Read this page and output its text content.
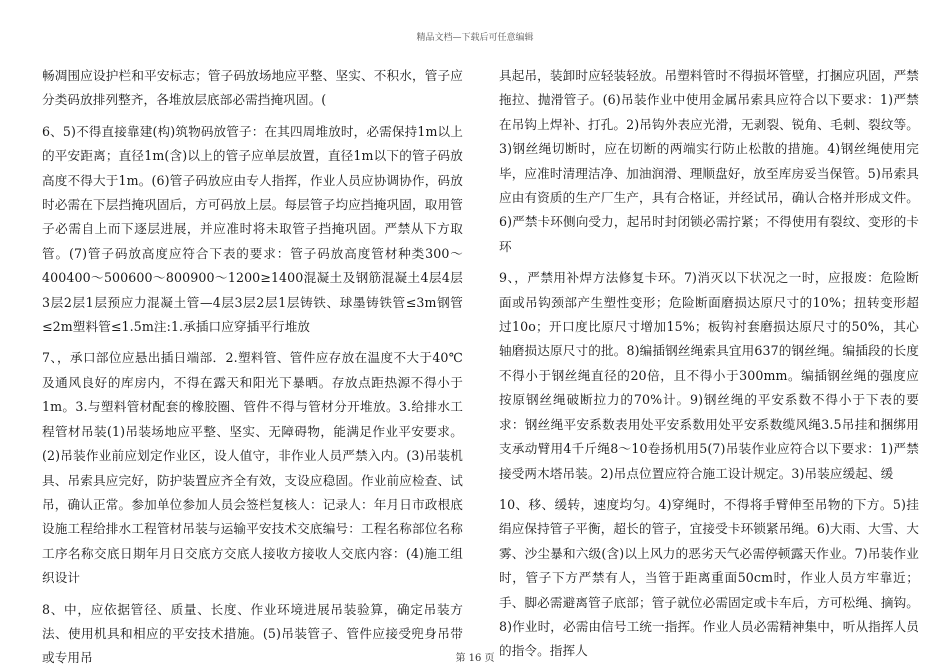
精品文档—下载后可任意编辑

畅凋围应设护栏和平安标志；管子码放场地应平整、坚实、不积水，管子应分类码放排列整齐，各堆放层底部必需挡掩巩固。(

6、5)不得直接靠建(构)筑物码放管子：在其四周堆放时，必需保持1m以上的平安距离；直径1m(含)以上的管子应单层放置，直径1m以下的管子码放高度不得大于1m。(6)管子码放应由专人指挥，作业人员应协调协作，码放时必需在下层挡掩巩固后，方可码放上层。每层管子均应挡掩巩固，取用管子必需自上而下逐层进展，并应准时将未取管子挡掩巩固。严禁从下方取管。(7)管子码放高度应符合下表的要求：管子码放高度管材种类300～400400～500600～800900～1200≥1400混凝土及钢筋混凝土4层4层3层2层1层预应力混凝土管—4层3层2层1层铸铁、球墨铸铁管≤3m钢管≤2m塑料管≤1.5m注:1.承插口应穿插平行堆放

7、，承口部位应悬出插日端部．2.塑料管、管件应存放在温度不大于40℃及通风良好的库房内，不得在露天和阳光下暴晒。存放点距热源不得小于1m。3.与塑料管材配套的橡胶圈、管件不得与管材分开堆放。3.给排水工程管材吊装(1)吊装场地应平整、坚实、无障碍物，能满足作业平安要求。(2)吊装作业前应划定作业区，设人值守，非作业人员严禁入内。(3)吊装机具、吊索具应完好，防护装置应齐全有效，支设应稳固。作业前应检查、试吊，确认正常。参加单位参加人员会签栏复核人：记录人：年月日市政根底设施工程给排水工程管材吊装与运输平安技术交底编号：工程名称部位名称工序名称交底日期年月日交底方交底人接收方接收人交底内容：(4)施工组织设计

8、中，应依据管径、质量、长度、作业环境进展吊装验算，确定吊装方法、使用机具和相应的平安技术措施。(5)吊装管子、管件应接受兜身吊带或专用吊

具起吊，装卸时应轻装轻放。吊塑料管时不得损坏管壁，打捆应巩固，严禁拖拉、抛滑管子。(6)吊装作业中使用金属吊索具应符合以下要求：1)严禁在吊钩上焊补、打孔。2)吊钩外表应光滑，无剥裂、锐角、毛刺、裂纹等。3)钢丝绳切断时，应在切断的两端实行防止松散的措施。4)钢丝绳使用完毕，应准时清理洁净、加油润滑、理顺盘好，放至库房妥当保管。5)吊索具应由有资质的生产厂生产，具有合格证，并经试吊，确认合格并形成文件。6)严禁卡环侧向受力，起吊时封闭锁必需拧紧；不得使用有裂纹、变形的卡环

9、，严禁用补焊方法修复卡环。7)消灭以下状况之一时，应报废：危险断面或吊钩颈部产生塑性变形；危险断面磨损达原尺寸的10%；扭转变形超过10o；开口度比原尺寸增加15%；板钩衬套磨损达原尺寸的50%，其心轴磨损达原尺寸的批。8)编插钢丝绳索具宜用637的钢丝绳。编插段的长度不得小于钢丝绳直径的20倍，且不得小于300mm。编插钢丝绳的强度应按原钢丝绳破断拉力的70%计。9)钢丝绳的平安系数不得小于下表的要求：钢丝绳平安系数表用处平安系数用处平安系数缆风绳3.5吊挂和捆绑用支承动臂用4千斤绳8～10卷扬机用5(7)吊装作业应符合以下要求：1)严禁接受两木塔吊装。2)吊点位置应符合施工设计规定。3)吊装应缓起、缓

10、移、缓转，速度均匀。4)穿绳时，不得将手臂伸至吊物的下方。5)挂绢应保持管子平衡，超长的管子，宜接受卡环锁紧吊绳。6)大雨、大雪、大雾、沙尘暴和六级(含)以上风力的恶劣天气必需停顿露天作业。7)吊装作业时，管子下方严禁有人，当管于距离重面50cm时，作业人员方牢靠近；手、脚必需避离管子底部；管子就位必需固定或卡车后，方可松绳、摘钩。8)作业时，必需由信号工统一指挥。作业人员必需精神集中，听从指挥人员的指令。指挥人

第 16 页
